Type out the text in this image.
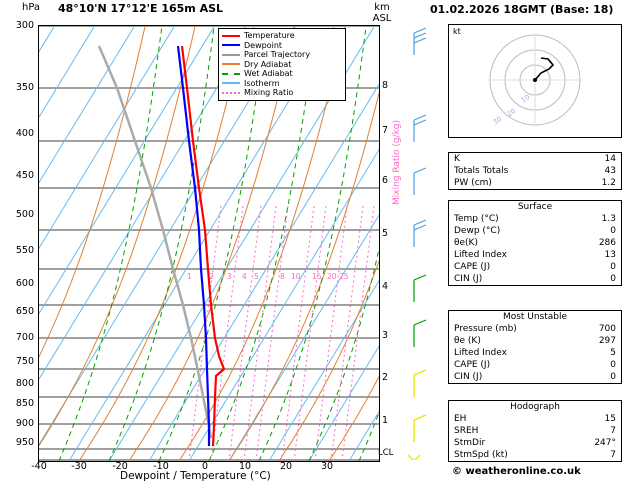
hPa 48°10'N 17°12'E 165m ASL	km
ASL
01.02.2026 18GMT (Base: 18)
1 2 3 4 5	8 10 15 20 25
Temperature
Dewpoint
Parcel Trajectory
Dry Adiabat
Wet Adiabat
Isotherm
Mixing Ratio
300
350
400
450
500
550
600
650
700
750
800
850
900
950
-40	-30	-20	-10	0	10	20	30
Dewpoint / Temperature (°C)
8
7
6
5
4
3
2
1
LCL
Mixing Ratio (g/kg)
kt
10
20
30
K	14
Totals Totals	43
PW (cm)	1.2
Surface
Temp (°C)	1.3
Dewp (°C)	0
θe(K)	286
Lifted Index	13
CAPE (J)	0
CIN (J)	0
Most Unstable
Pressure (mb)	700
θe (K)	297
Lifted Index	5
CAPE (J)	0
CIN (J)	0
Hodograph
EH	15
SREH	7
StmDir	247°
StmSpd (kt)	7
© weatheronline.co.uk
